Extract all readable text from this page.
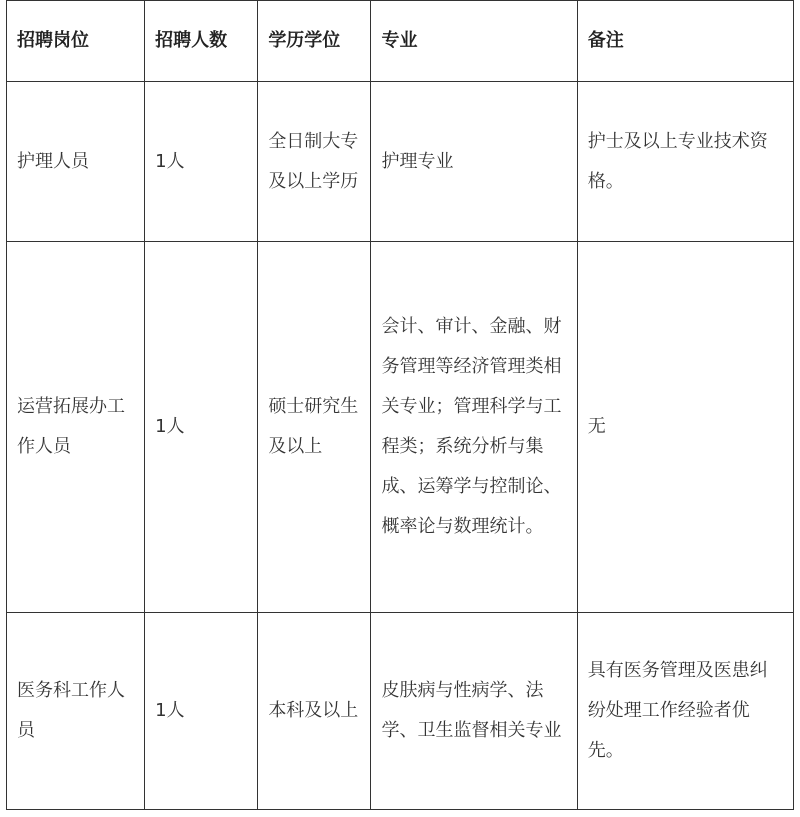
招聘岗位	招聘人数	学历学位	专业	备注
护理人员	1人	全日制大专及以上学历	护理专业	护士及以上专业技术资格。
运营拓展办工作人员	1人	硕士研究生及以上	会计、审计、金融、财务管理等经济管理类相关专业；管理科学与工程类；系统分析与集成、运筹学与控制论、概率论与数理统计。	无
医务科工作人员	1人	本科及以上	皮肤病与性病学、法学、卫生监督相关专业	具有医务管理及医患纠纷处理工作经验者优先。
